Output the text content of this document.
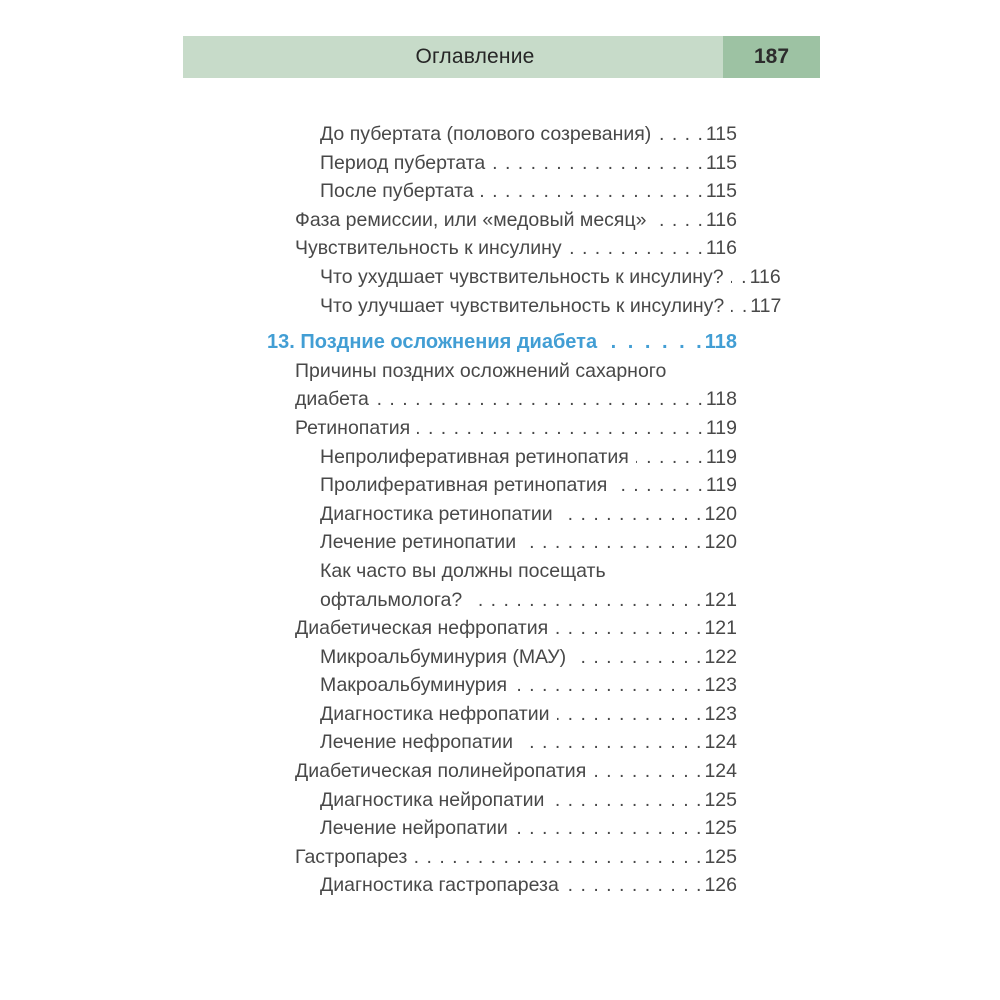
Оглавление	187
До пубертата (полового созревания) . . .	115
Период пубертата . . .	115
После пубертата . . .	115
Фаза ремиссии, или «медовый месяц» . . .	116
Чувствительность к инсулину . . .	116
Что ухудшает чувствительность к инсулину? . . . 116
Что улучшает чувствительность к инсулину? . . . 117
13. Поздние осложнения диабета . . .	118
Причины поздних осложнений сахарного
диабета . . .	118
Ретинопатия . . .	119
Непролиферативная ретинопатия . . .	119
Пролиферативная ретинопатия . . .	119
Диагностика ретинопатии . . .	120
Лечение ретинопатии . . .	120
Как часто вы должны посещать
офтальмолога? . . .	121
Диабетическая нефропатия . . .	121
Микроальбуминурия (МАУ) . . .	122
Макроальбуминурия . . .	123
Диагностика нефропатии . . .	123
Лечение нефропатии . . .	124
Диабетическая полинейропатия . . .	124
Диагностика нейропатии . . .	125
Лечение нейропатии . . .	125
Гастропарез . . .	125
Диагностика гастропареза . . .	126
